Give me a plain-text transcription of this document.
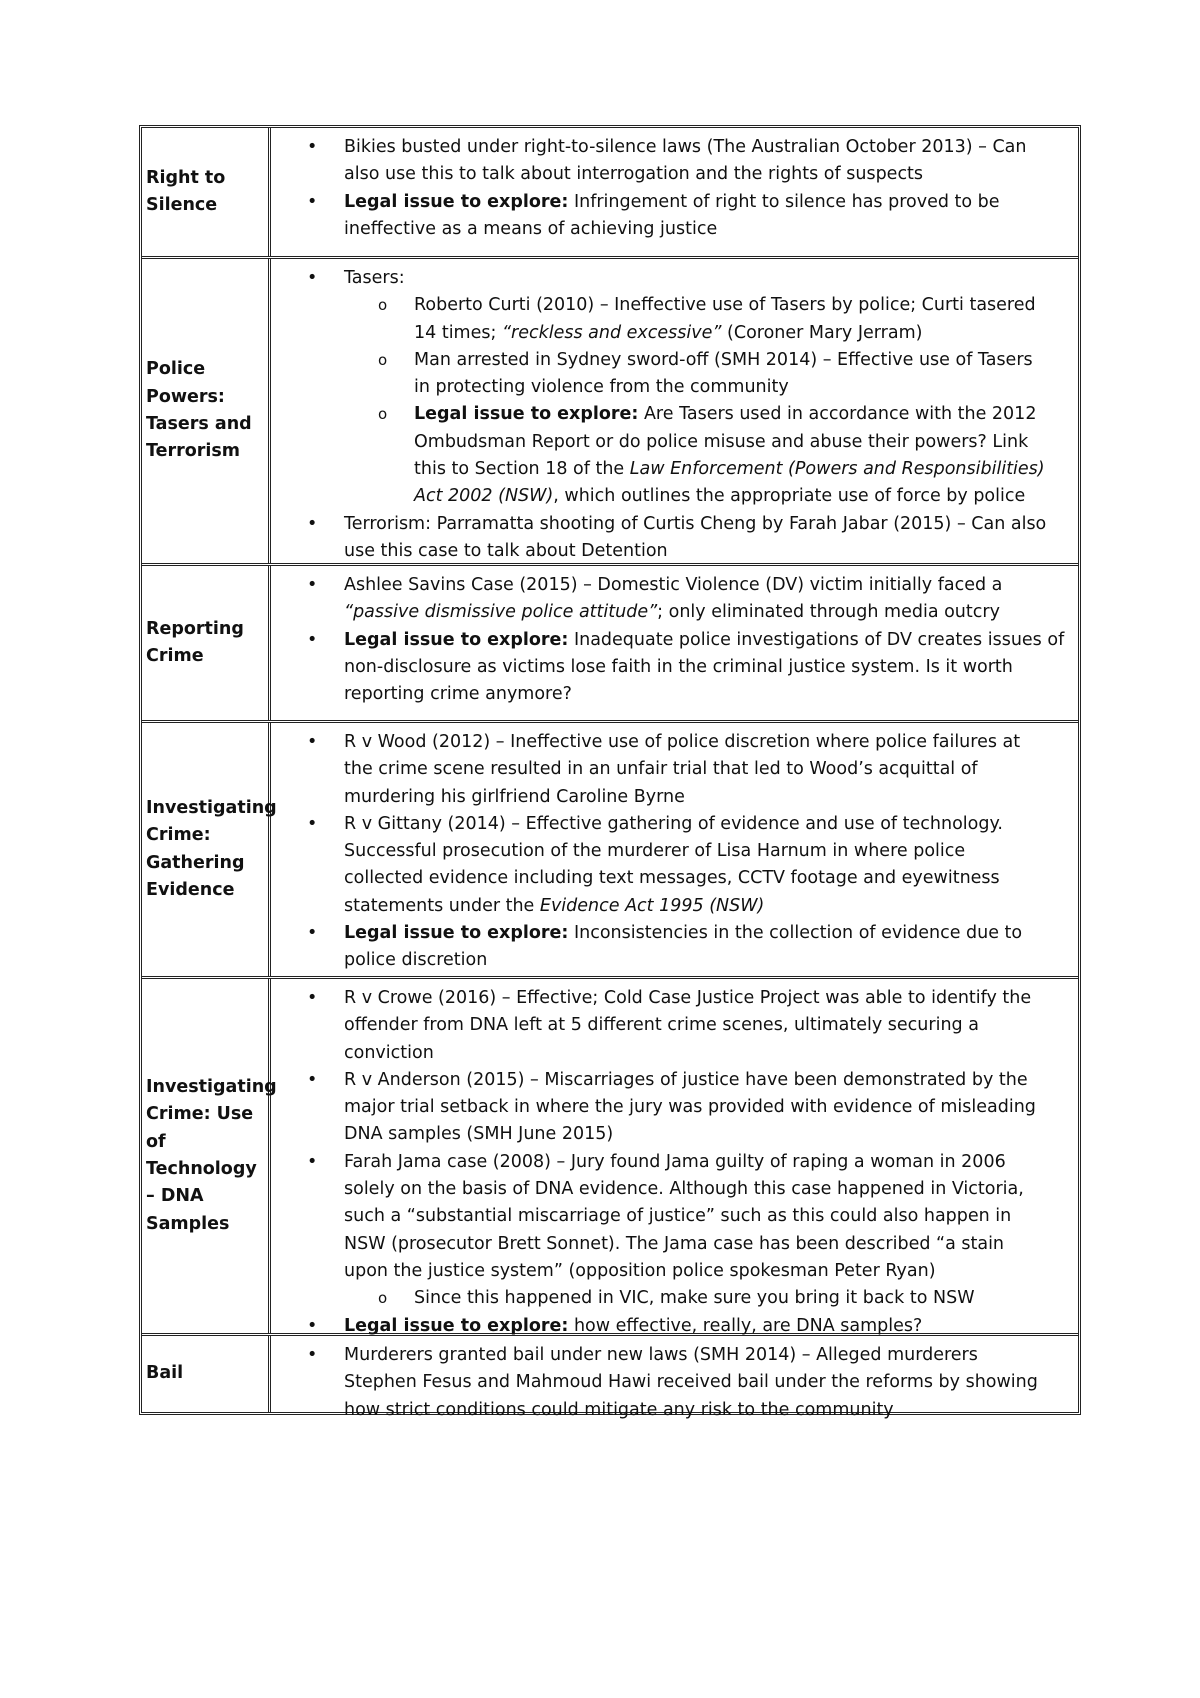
Right to
Silence
• Bikies busted under right-to-silence laws (The Australian October 2013) – Can
also use this to talk about interrogation and the rights of suspects
• Legal issue to explore: Infringement of right to silence has proved to be
ineffective as a means of achieving justice
Police
Powers:
Tasers and
Terrorism
• Tasers:
o Roberto Curti (2010) – Ineffective use of Tasers by police; Curti tasered
14 times; “reckless and excessive” (Coroner Mary Jerram)
o Man arrested in Sydney sword-off (SMH 2014) – Effective use of Tasers
in protecting violence from the community
o Legal issue to explore: Are Tasers used in accordance with the 2012
Ombudsman Report or do police misuse and abuse their powers? Link
this to Section 18 of the Law Enforcement (Powers and Responsibilities)
Act 2002 (NSW), which outlines the appropriate use of force by police
• Terrorism: Parramatta shooting of Curtis Cheng by Farah Jabar (2015) – Can also
use this case to talk about Detention
Reporting
Crime
• Ashlee Savins Case (2015) – Domestic Violence (DV) victim initially faced a
“passive dismissive police attitude”; only eliminated through media outcry
• Legal issue to explore: Inadequate police investigations of DV creates issues of
non-disclosure as victims lose faith in the criminal justice system. Is it worth
reporting crime anymore?
Investigating
Crime:
Gathering
Evidence
• R v Wood (2012) – Ineffective use of police discretion where police failures at
the crime scene resulted in an unfair trial that led to Wood’s acquittal of
murdering his girlfriend Caroline Byrne
• R v Gittany (2014) – Effective gathering of evidence and use of technology.
Successful prosecution of the murderer of Lisa Harnum in where police
collected evidence including text messages, CCTV footage and eyewitness
statements under the Evidence Act 1995 (NSW)
• Legal issue to explore: Inconsistencies in the collection of evidence due to
police discretion
Investigating
Crime: Use
of
Technology
– DNA
Samples
• R v Crowe (2016) – Effective; Cold Case Justice Project was able to identify the
offender from DNA left at 5 different crime scenes, ultimately securing a
conviction
• R v Anderson (2015) – Miscarriages of justice have been demonstrated by the
major trial setback in where the jury was provided with evidence of misleading
DNA samples (SMH June 2015)
• Farah Jama case (2008) – Jury found Jama guilty of raping a woman in 2006
solely on the basis of DNA evidence. Although this case happened in Victoria,
such a “substantial miscarriage of justice” such as this could also happen in
NSW (prosecutor Brett Sonnet). The Jama case has been described “a stain
upon the justice system” (opposition police spokesman Peter Ryan)
o Since this happened in VIC, make sure you bring it back to NSW
• Legal issue to explore: how effective, really, are DNA samples?
Bail
• Murderers granted bail under new laws (SMH 2014) – Alleged murderers
Stephen Fesus and Mahmoud Hawi received bail under the reforms by showing
how strict conditions could mitigate any risk to the community
